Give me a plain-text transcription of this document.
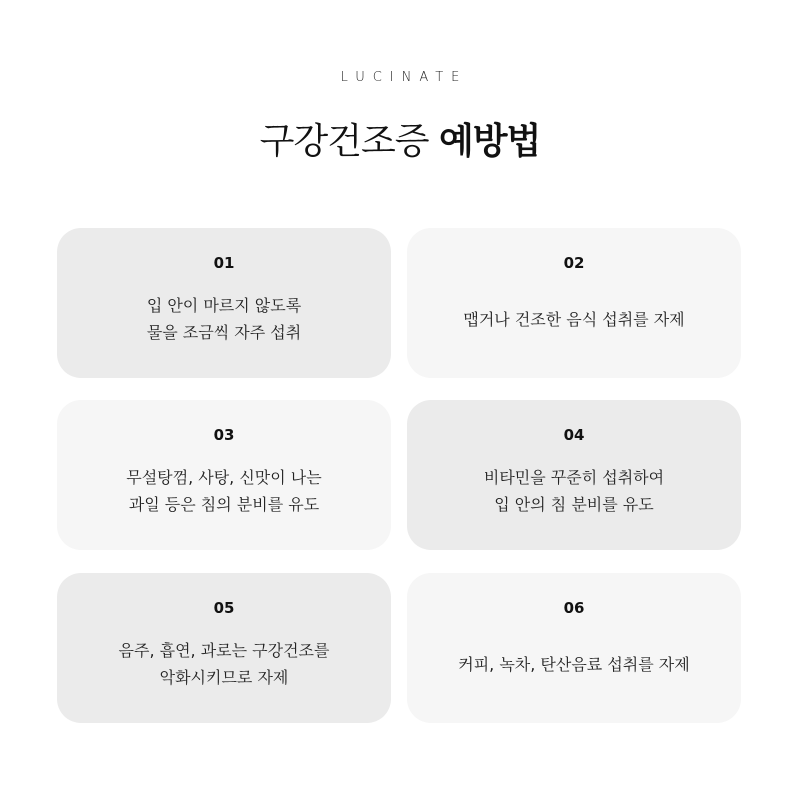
LUCINATE
구강건조증 예방법
01
입 안이 마르지 않도록
물을 조금씩 자주 섭취
02
맵거나 건조한 음식 섭취를 자제
03
무설탕껌, 사탕, 신맛이 나는
과일 등은 침의 분비를 유도
04
비타민을 꾸준히 섭취하여
입 안의 침 분비를 유도
05
음주, 흡연, 과로는 구강건조를
악화시키므로 자제
06
커피, 녹차, 탄산음료 섭취를 자제
